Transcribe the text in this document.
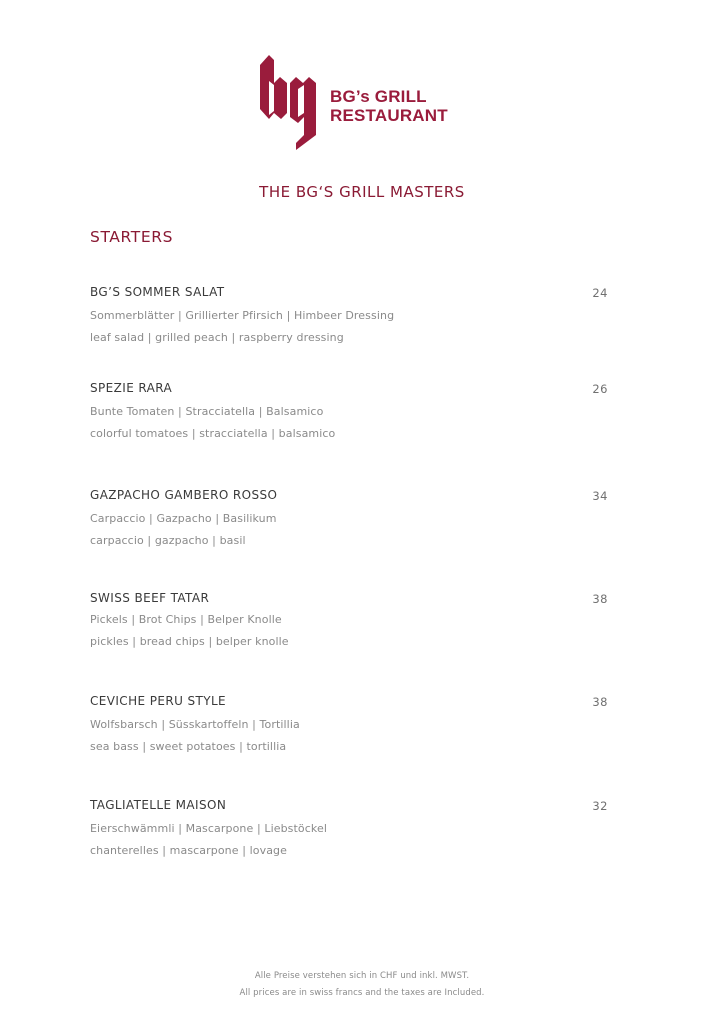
BG’s GRILL
RESTAURANT
THE BG‘S GRILL MASTERS
STARTERS
BG’S SOMMER SALAT	24
Sommerblätter | Grillierter Pfirsich | Himbeer Dressing
leaf salad | grilled peach | raspberry dressing
SPEZIE RARA	26
Bunte Tomaten | Stracciatella | Balsamico
colorful tomatoes | stracciatella | balsamico
GAZPACHO GAMBERO ROSSO	34
Carpaccio | Gazpacho | Basilikum
carpaccio | gazpacho | basil
SWISS BEEF TATAR	38
Pickels | Brot Chips | Belper Knolle
pickles | bread chips | belper knolle
CEVICHE PERU STYLE	38
Wolfsbarsch | Süsskartoffeln | Tortillia
sea bass | sweet potatoes | tortillia
TAGLIATELLE MAISON	32
Eierschwämmli | Mascarpone | Liebstöckel
chanterelles | mascarpone | lovage
Alle Preise verstehen sich in CHF und inkl. MWST.
All prices are in swiss francs and the taxes are Included.
